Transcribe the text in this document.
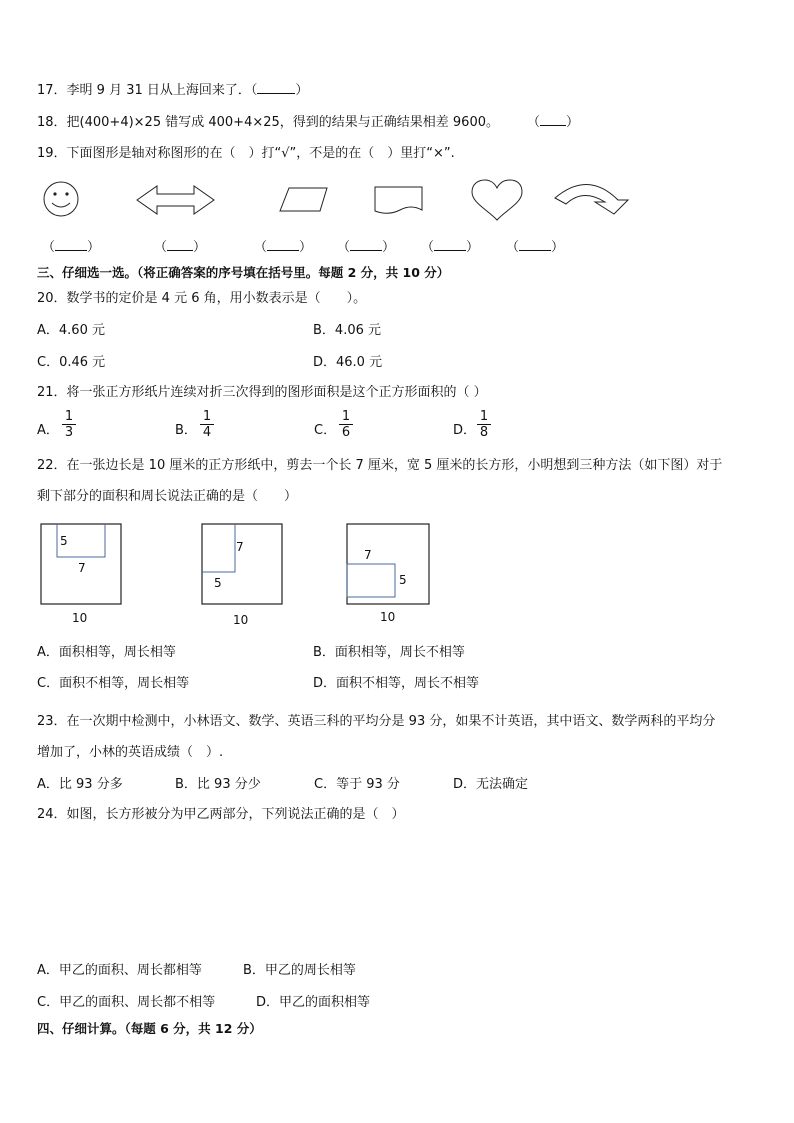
17．李明 9 月 31 日从上海回来了．（	）
18．把(400+4)×25 错写成 400+4×25，得到的结果与正确结果相差 9600。 （ ）
19．下面图形是轴对称图形的在（　）打“√”，不是的在（　）里打“×”.
（ ）	（ ）	（ ） （ ） （ ） （ ）
三、仔细选一选。（将正确答案的序号填在括号里。每题 2 分，共 10 分）
20．数学书的定价是 4 元 6 角，用小数表示是（　　）。
A．4.60 元	B．4.06 元
C．0.46 元	D．46.0 元
21．将一张正方形纸片连续对折三次得到的图形面积是这个正方形面积的（ ）
A． $\frac{1}{3}$	B． $\frac{1}{4}$	C． $\frac{1}{6}$	D． $\frac{1}{8}$
22．在一张边长是 10 厘米的正方形纸中，剪去一个长 7 厘米，宽 5 厘米的长方形，小明想到三种方法（如下图）对于
剩下部分的面积和周长说法正确的是（　　）
5
7
10
7
5
10
7
5
10
A．面积相等，周长相等	B．面积相等，周长不相等
C．面积不相等，周长相等	D．面积不相等，周长不相等
23．在一次期中检测中，小林语文、数学、英语三科的平均分是 93 分，如果不计英语，其中语文、数学两科的平均分
增加了，小林的英语成绩（　）.
A．比 93 分多	B．比 93 分少	C．等于 93 分	D．无法确定
24．如图，长方形被分为甲乙两部分，下列说法正确的是（　）
A．甲乙的面积、周长都相等	B．甲乙的周长相等
C．甲乙的面积、周长都不相等	D．甲乙的面积相等
四、仔细计算。（每题 6 分，共 12 分）
